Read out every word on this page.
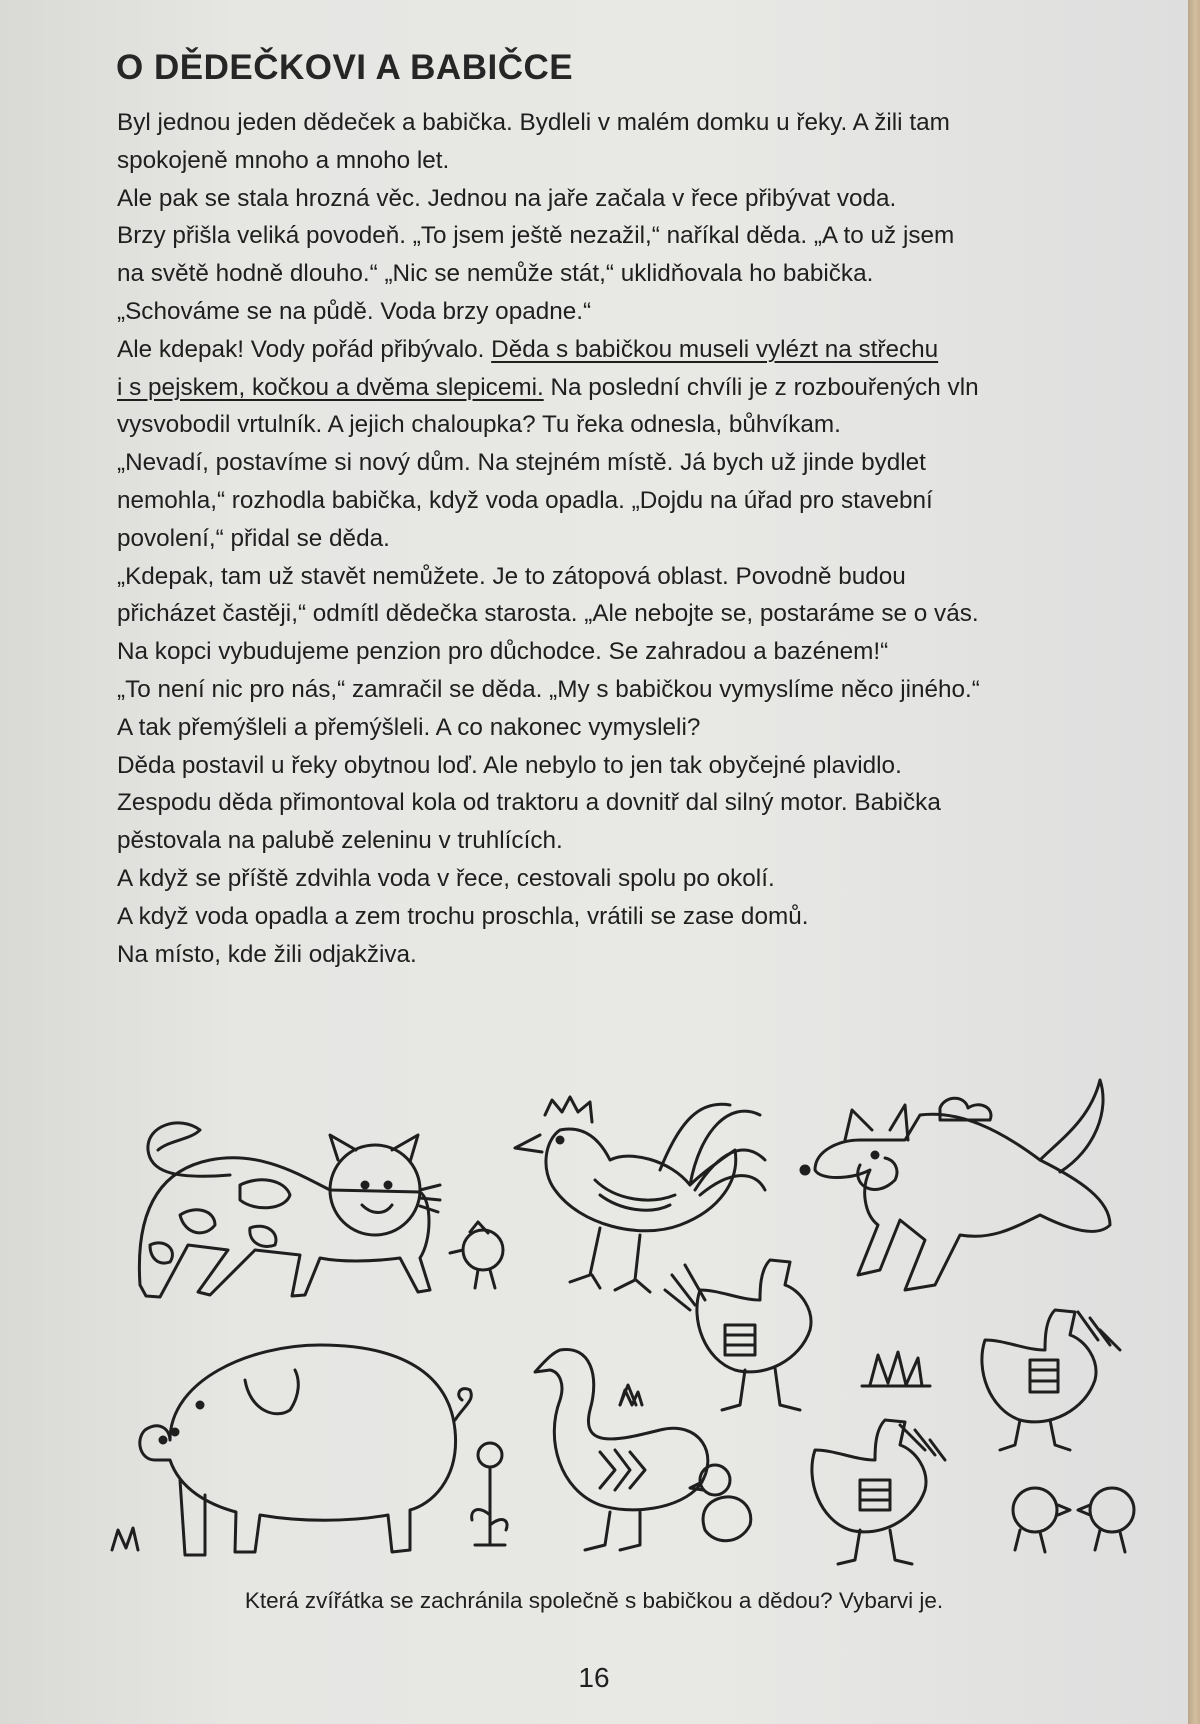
O DĚDEČKOVI A BABIČCE
Byl jednou jeden dědeček a babička. Bydleli v malém domku u řeky. A žili tam
spokojeně mnoho a mnoho let.
Ale pak se stala hrozná věc. Jednou na jaře začala v řece přibývat voda.
Brzy přišla veliká povodeň. „To jsem ještě nezažil,“ naříkal děda. „A to už jsem
na světě hodně dlouho.“ „Nic se nemůže stát,“ uklidňovala ho babička.
„Schováme se na půdě. Voda brzy opadne.“
Ale kdepak! Vody pořád přibývalo. Děda s babičkou museli vylézt na střechu
i s pejskem, kočkou a dvěma slepicemi. Na poslední chvíli je z rozbouřených vln
vysvobodil vrtulník. A jejich chaloupka? Tu řeka odnesla, bůhvíkam.
„Nevadí, postavíme si nový dům. Na stejném místě. Já bych už jinde bydlet
nemohla,“ rozhodla babička, když voda opadla. „Dojdu na úřad pro stavební
povolení,“ přidal se děda.
„Kdepak, tam už stavět nemůžete. Je to zátopová oblast. Povodně budou
přicházet častěji,“ odmítl dědečka starosta. „Ale nebojte se, postaráme se o vás.
Na kopci vybudujeme penzion pro důchodce. Se zahradou a bazénem!“
„To není nic pro nás,“ zamračil se děda. „My s babičkou vymyslíme něco jiného.“
A tak přemýšleli a přemýšleli. A co nakonec vymysleli?
Děda postavil u řeky obytnou loď. Ale nebylo to jen tak obyčejné plavidlo.
Zespodu děda přimontoval kola od traktoru a dovnitř dal silný motor. Babička
pěstovala na palubě zeleninu v truhlících.
A když se příště zdvihla voda v řece, cestovali spolu po okolí.
A když voda opadla a zem trochu proschla, vrátili se zase domů.
Na místo, kde žili odjakživa.
Která zvířátka se zachránila společně s babičkou a dědou? Vybarvi je.
16
